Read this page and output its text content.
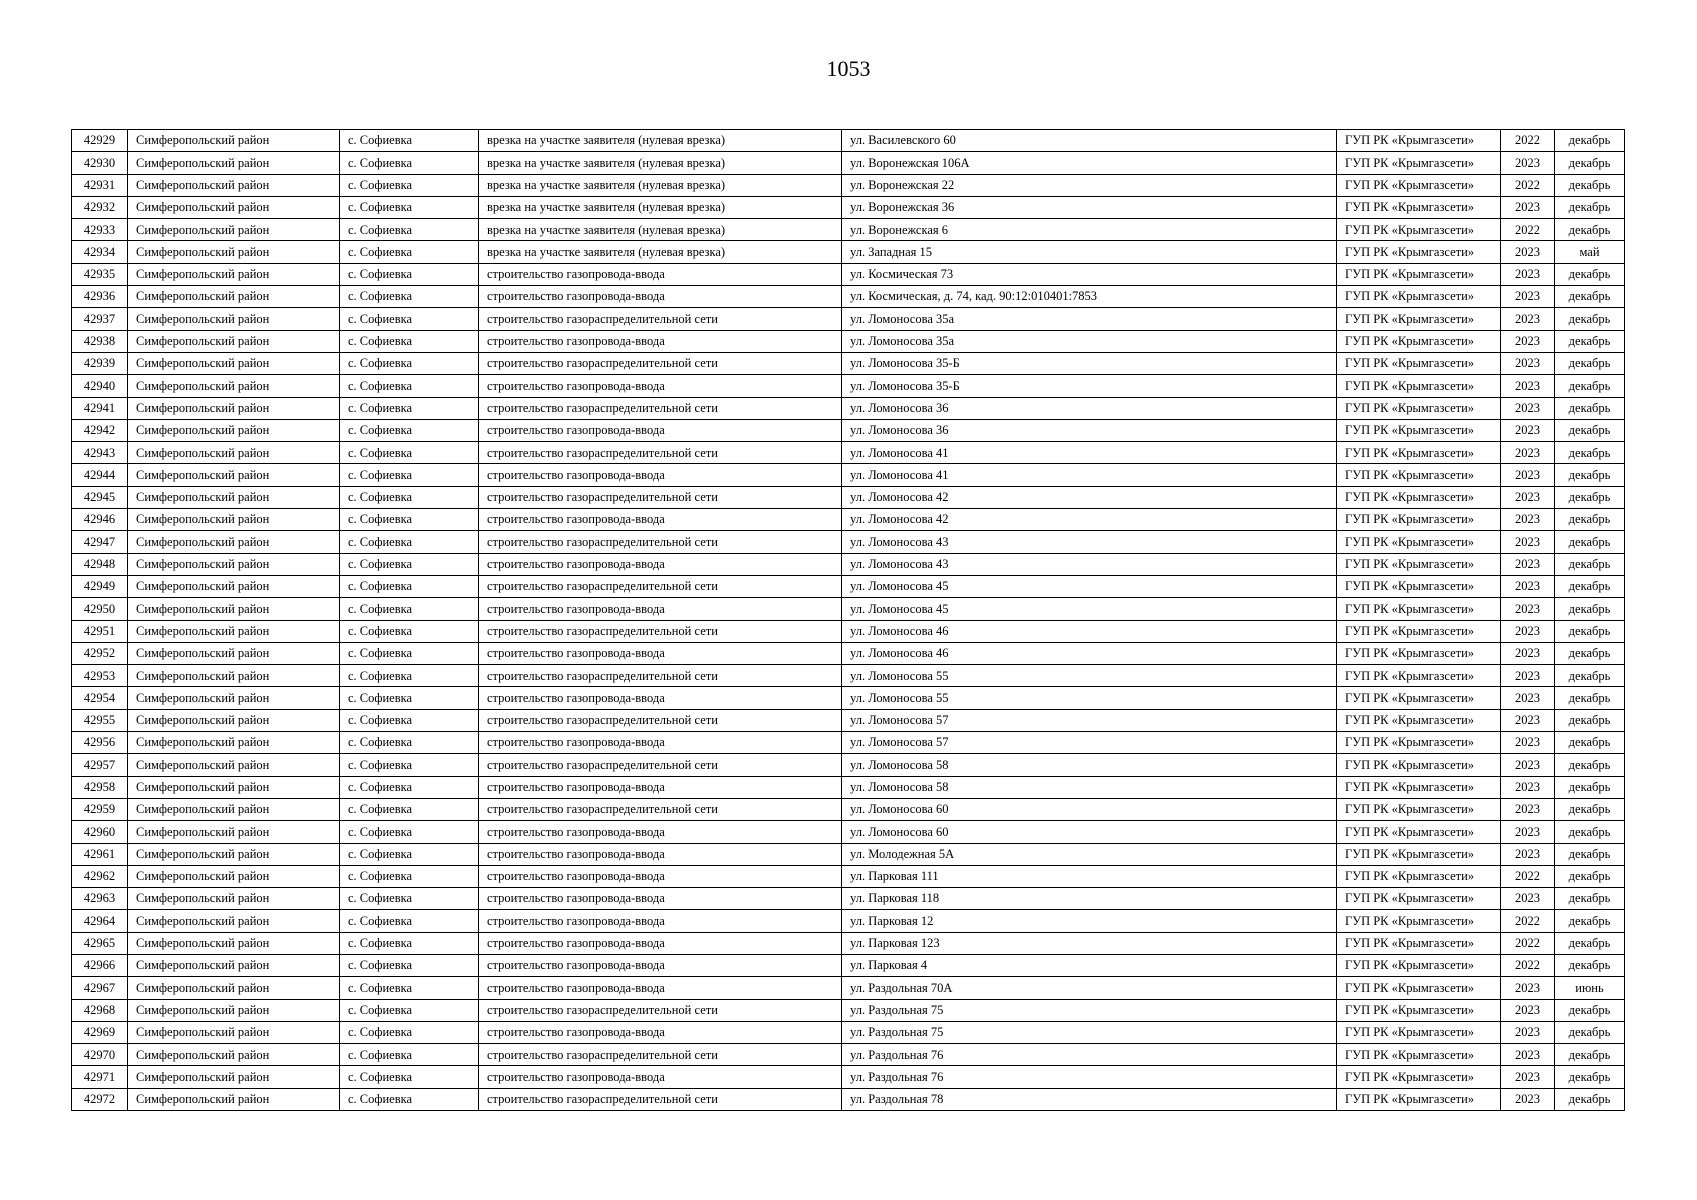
1053
42929	Симферопольский район	с. Софиевка	врезка на участке заявителя (нулевая врезка)	ул. Василевского 60	ГУП РК «Крымгазсети»	2022	декабрь
42930	Симферопольский район	с. Софиевка	врезка на участке заявителя (нулевая врезка)	ул. Воронежская 106А	ГУП РК «Крымгазсети»	2023	декабрь
42931	Симферопольский район	с. Софиевка	врезка на участке заявителя (нулевая врезка)	ул. Воронежская 22	ГУП РК «Крымгазсети»	2022	декабрь
42932	Симферопольский район	с. Софиевка	врезка на участке заявителя (нулевая врезка)	ул. Воронежская 36	ГУП РК «Крымгазсети»	2023	декабрь
42933	Симферопольский район	с. Софиевка	врезка на участке заявителя (нулевая врезка)	ул. Воронежская 6	ГУП РК «Крымгазсети»	2022	декабрь
42934	Симферопольский район	с. Софиевка	врезка на участке заявителя (нулевая врезка)	ул. Западная 15	ГУП РК «Крымгазсети»	2023	май
42935	Симферопольский район	с. Софиевка	строительство газопровода-ввода	ул. Космическая 73	ГУП РК «Крымгазсети»	2023	декабрь
42936	Симферопольский район	с. Софиевка	строительство газопровода-ввода	ул. Космическая, д. 74, кад. 90:12:010401:7853	ГУП РК «Крымгазсети»	2023	декабрь
42937	Симферопольский район	с. Софиевка	строительство газораспределительной сети	ул. Ломоносова 35а	ГУП РК «Крымгазсети»	2023	декабрь
42938	Симферопольский район	с. Софиевка	строительство газопровода-ввода	ул. Ломоносова 35а	ГУП РК «Крымгазсети»	2023	декабрь
42939	Симферопольский район	с. Софиевка	строительство газораспределительной сети	ул. Ломоносова 35-Б	ГУП РК «Крымгазсети»	2023	декабрь
42940	Симферопольский район	с. Софиевка	строительство газопровода-ввода	ул. Ломоносова 35-Б	ГУП РК «Крымгазсети»	2023	декабрь
42941	Симферопольский район	с. Софиевка	строительство газораспределительной сети	ул. Ломоносова 36	ГУП РК «Крымгазсети»	2023	декабрь
42942	Симферопольский район	с. Софиевка	строительство газопровода-ввода	ул. Ломоносова 36	ГУП РК «Крымгазсети»	2023	декабрь
42943	Симферопольский район	с. Софиевка	строительство газораспределительной сети	ул. Ломоносова 41	ГУП РК «Крымгазсети»	2023	декабрь
42944	Симферопольский район	с. Софиевка	строительство газопровода-ввода	ул. Ломоносова 41	ГУП РК «Крымгазсети»	2023	декабрь
42945	Симферопольский район	с. Софиевка	строительство газораспределительной сети	ул. Ломоносова 42	ГУП РК «Крымгазсети»	2023	декабрь
42946	Симферопольский район	с. Софиевка	строительство газопровода-ввода	ул. Ломоносова 42	ГУП РК «Крымгазсети»	2023	декабрь
42947	Симферопольский район	с. Софиевка	строительство газораспределительной сети	ул. Ломоносова 43	ГУП РК «Крымгазсети»	2023	декабрь
42948	Симферопольский район	с. Софиевка	строительство газопровода-ввода	ул. Ломоносова 43	ГУП РК «Крымгазсети»	2023	декабрь
42949	Симферопольский район	с. Софиевка	строительство газораспределительной сети	ул. Ломоносова 45	ГУП РК «Крымгазсети»	2023	декабрь
42950	Симферопольский район	с. Софиевка	строительство газопровода-ввода	ул. Ломоносова 45	ГУП РК «Крымгазсети»	2023	декабрь
42951	Симферопольский район	с. Софиевка	строительство газораспределительной сети	ул. Ломоносова 46	ГУП РК «Крымгазсети»	2023	декабрь
42952	Симферопольский район	с. Софиевка	строительство газопровода-ввода	ул. Ломоносова 46	ГУП РК «Крымгазсети»	2023	декабрь
42953	Симферопольский район	с. Софиевка	строительство газораспределительной сети	ул. Ломоносова 55	ГУП РК «Крымгазсети»	2023	декабрь
42954	Симферопольский район	с. Софиевка	строительство газопровода-ввода	ул. Ломоносова 55	ГУП РК «Крымгазсети»	2023	декабрь
42955	Симферопольский район	с. Софиевка	строительство газораспределительной сети	ул. Ломоносова 57	ГУП РК «Крымгазсети»	2023	декабрь
42956	Симферопольский район	с. Софиевка	строительство газопровода-ввода	ул. Ломоносова 57	ГУП РК «Крымгазсети»	2023	декабрь
42957	Симферопольский район	с. Софиевка	строительство газораспределительной сети	ул. Ломоносова 58	ГУП РК «Крымгазсети»	2023	декабрь
42958	Симферопольский район	с. Софиевка	строительство газопровода-ввода	ул. Ломоносова 58	ГУП РК «Крымгазсети»	2023	декабрь
42959	Симферопольский район	с. Софиевка	строительство газораспределительной сети	ул. Ломоносова 60	ГУП РК «Крымгазсети»	2023	декабрь
42960	Симферопольский район	с. Софиевка	строительство газопровода-ввода	ул. Ломоносова 60	ГУП РК «Крымгазсети»	2023	декабрь
42961	Симферопольский район	с. Софиевка	строительство газопровода-ввода	ул. Молодежная 5А	ГУП РК «Крымгазсети»	2023	декабрь
42962	Симферопольский район	с. Софиевка	строительство газопровода-ввода	ул. Парковая 111	ГУП РК «Крымгазсети»	2022	декабрь
42963	Симферопольский район	с. Софиевка	строительство газопровода-ввода	ул. Парковая 118	ГУП РК «Крымгазсети»	2023	декабрь
42964	Симферопольский район	с. Софиевка	строительство газопровода-ввода	ул. Парковая 12	ГУП РК «Крымгазсети»	2022	декабрь
42965	Симферопольский район	с. Софиевка	строительство газопровода-ввода	ул. Парковая 123	ГУП РК «Крымгазсети»	2022	декабрь
42966	Симферопольский район	с. Софиевка	строительство газопровода-ввода	ул. Парковая 4	ГУП РК «Крымгазсети»	2022	декабрь
42967	Симферопольский район	с. Софиевка	строительство газопровода-ввода	ул. Раздольная 70А	ГУП РК «Крымгазсети»	2023	июнь
42968	Симферопольский район	с. Софиевка	строительство газораспределительной сети	ул. Раздольная 75	ГУП РК «Крымгазсети»	2023	декабрь
42969	Симферопольский район	с. Софиевка	строительство газопровода-ввода	ул. Раздольная 75	ГУП РК «Крымгазсети»	2023	декабрь
42970	Симферопольский район	с. Софиевка	строительство газораспределительной сети	ул. Раздольная 76	ГУП РК «Крымгазсети»	2023	декабрь
42971	Симферопольский район	с. Софиевка	строительство газопровода-ввода	ул. Раздольная 76	ГУП РК «Крымгазсети»	2023	декабрь
42972	Симферопольский район	с. Софиевка	строительство газораспределительной сети	ул. Раздольная 78	ГУП РК «Крымгазсети»	2023	декабрь
